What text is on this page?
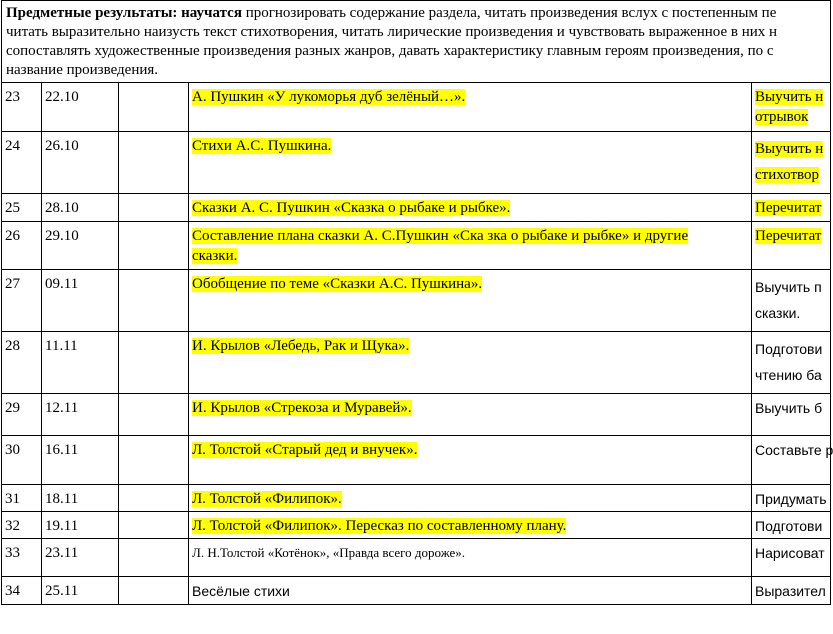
Предметные результаты: научатся прогнозировать содержание раздела, читать произведения вслух с постепенным пе

читать выразительно наизусть текст стихотворения, читать лирические произведения и чувствовать выраженное в них н

сопоставлять художественные произведения разных жанров, давать характеристику главным героям произведения, по с

название произведения.

23	22.10		А. Пушкин «У лукоморья дуб зелёный…».	Выучить н
отрывок
24	26.10		Стихи А.С. Пушкина.	Выучить н
стихотвор
25	28.10		Сказки А. С. Пушкин «Сказка о рыбаке и рыбке».	Перечитат
26	29.10		Составление плана сказки А. С.Пушкин «Ска зка о рыбаке и рыбке» и другие
сказки.	Перечитат
27	09.11		Обобщение по теме «Сказки А.С. Пушкина».	Выучить п
сказки.
28	11.11		И. Крылов «Лебедь, Рак и Щука».	Подготови
чтению ба
29	12.11		И. Крылов «Стрекоза и Муравей».	Выучить б
30	16.11		Л. Толстой «Старый дед и внучек».	Составьте р
31	18.11		Л. Толстой «Филипок».	Придумать
32	19.11		Л. Толстой «Филипок». Пересказ по составленному плану.	Подготови
33	23.11		Л. Н.Толстой «Котёнок», «Правда всего дороже».	Нарисоват
34	25.11		Весёлые стихи	Выразител
